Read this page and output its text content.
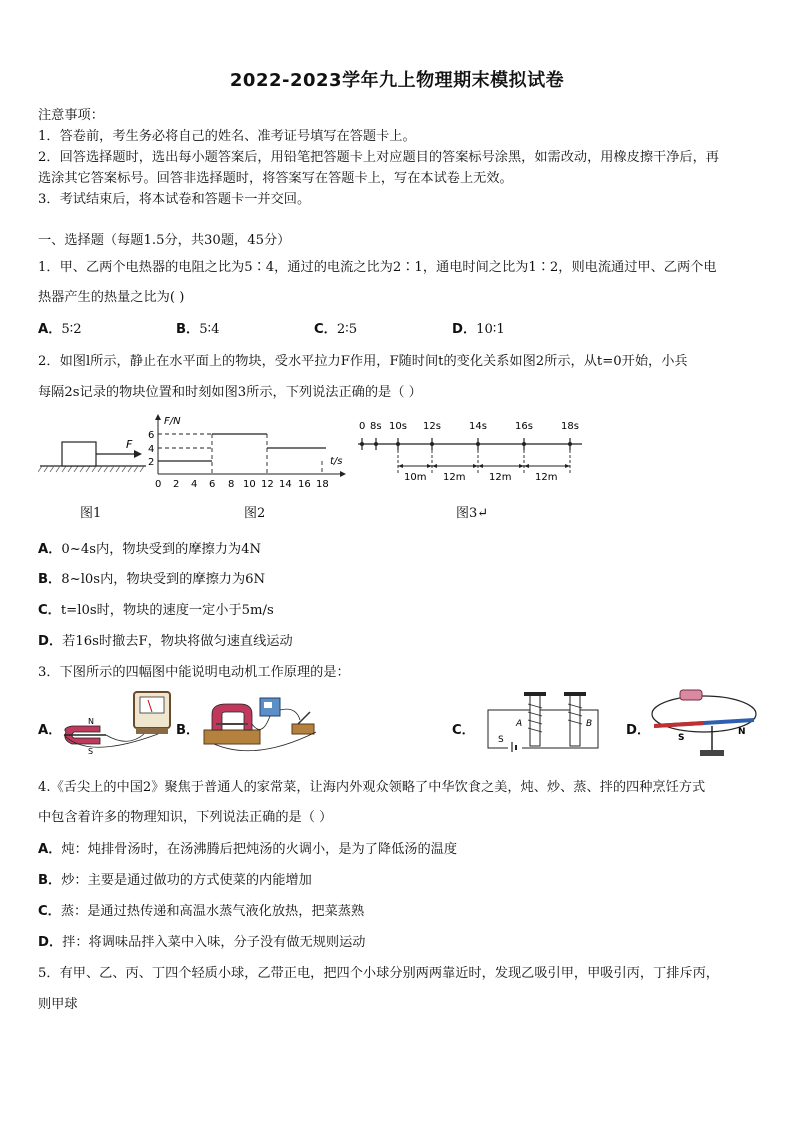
2022-2023学年九上物理期末模拟试卷
注意事项：
1．答卷前，考生务必将自己的姓名、准考证号填写在答题卡上。
2．回答选择题时，选出每小题答案后，用铅笔把答题卡上对应题目的答案标号涂黑，如需改动，用橡皮擦干净后，再
选涂其它答案标号。回答非选择题时，将答案写在答题卡上，写在本试卷上无效。
3．考试结束后，将本试卷和答题卡一并交回。
一、选择题（每题1.5分，共30题，45分）
1．甲、乙两个电热器的电阻之比为5∶4，通过的电流之比为2∶1，通电时间之比为1∶2，则电流通过甲、乙两个电
热器产生的热量之比为( )
A．5∶2	B．5∶4	C．2∶5	D．10∶1
2．如图l所示，静止在水平面上的物块，受水平拉力F作用，F随时间t的变化关系如图2所示，从t=0开始，小兵
每隔2s记录的物块位置和时刻如图3所示，下列说法正确的是（ ）
F
图1
F/N
t/s
6
4
2
0 2 4 6 8 10 12 14 16 18
图2
0 8s 10s 12s	14s	16s	18s
10m 12m 12m 12m
图3↵
A．0~4s内，物块受到的摩擦力为4N
B．8~l0s内，物块受到的摩擦力为6N
C．t=l0s时，物块的速度一定小于5m/s
D．若16s时撤去F，物块将做匀速直线运动
3．下图所示的四幅图中能说明电动机工作原理的是：
A．
N
S
B．	C．	A	B
S
D．	S
N
4.《舌尖上的中国2》聚焦于普通人的家常菜，让海内外观众领略了中华饮食之美，炖、炒、蒸、拌的四种烹饪方式
中包含着许多的物理知识，下列说法正确的是（ ）
A．炖：炖排骨汤时，在汤沸腾后把炖汤的火调小，是为了降低汤的温度
B．炒：主要是通过做功的方式使菜的内能增加
C．蒸：是通过热传递和高温水蒸气液化放热，把菜蒸熟
D．拌：将调味品拌入菜中入味，分子没有做无规则运动
5．有甲、乙、丙、丁四个轻质小球，乙带正电，把四个小球分别两两靠近时，发现乙吸引甲，甲吸引丙，丁排斥丙，
则甲球
